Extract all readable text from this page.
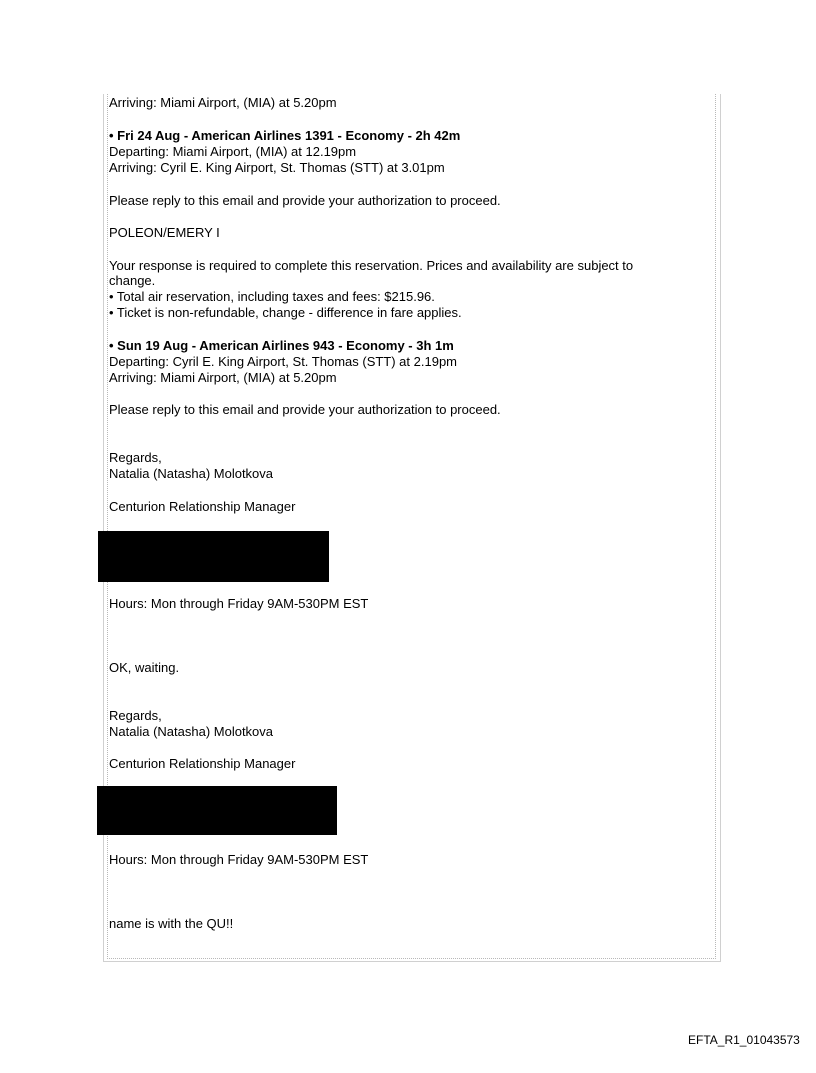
Arriving: Miami Airport, (MIA) at 5.20pm
• Fri 24 Aug - American Airlines 1391 - Economy - 2h 42m
Departing: Miami Airport, (MIA) at 12.19pm
Arriving: Cyril E. King Airport, St. Thomas (STT) at 3.01pm
Please reply to this email and provide your authorization to proceed.
POLEON/EMERY I
Your response is required to complete this reservation. Prices and availability are subject to
change.
• Total air reservation, including taxes and fees: $215.96.
• Ticket is non-refundable, change - difference in fare applies.
• Sun 19 Aug - American Airlines 943 - Economy - 3h 1m
Departing: Cyril E. King Airport, St. Thomas (STT) at 2.19pm
Arriving: Miami Airport, (MIA) at 5.20pm
Please reply to this email and provide your authorization to proceed.
Regards,
Natalia (Natasha) Molotkova
Centurion Relationship Manager
Hours: Mon through Friday 9AM-530PM EST
OK, waiting.
Regards,
Natalia (Natasha) Molotkova
Centurion Relationship Manager
Hours: Mon through Friday 9AM-530PM EST
name is with the QU!!
EFTA_R1_01043573
